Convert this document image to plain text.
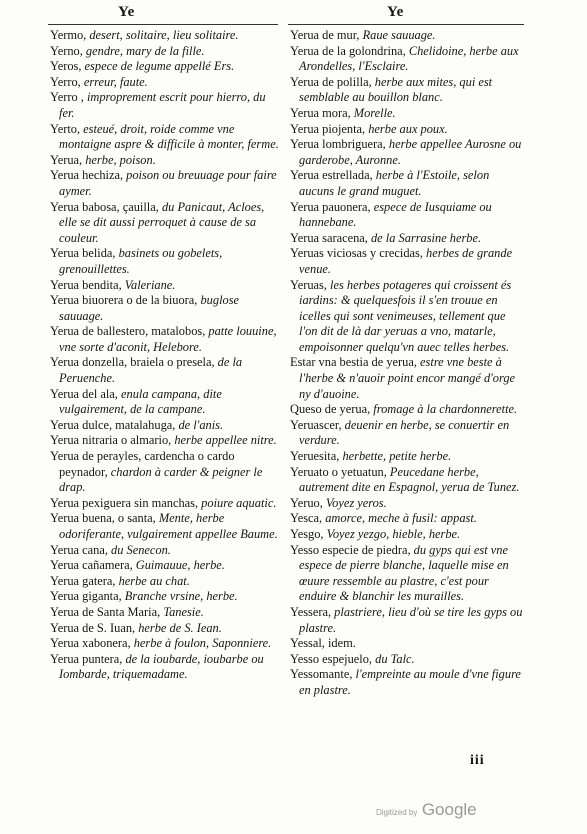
Ye	Ye

Yermo, desert, solitaire, lieu solitaire.

Yerno, gendre, mary de la fille.

Yeros, espece de legume appellé Ers.

Yerro, erreur, faute.

Yerro , improprement escrit pour hierro, du fer.

Yerto, esteué, droit, roide comme vne montaigne aspre & difficile à monter, ferme.

Yerua, herbe, poison.

Yerua hechiza, poison ou breuuage pour faire aymer.

Yerua babosa, çauilla, du Panicaut, Acloes, elle se dit aussi perroquet à cause de sa couleur.

Yerua belida, basinets ou gobelets, grenouillettes.

Yerua bendita, Valeriane.

Yerua biuorera o de la biuora, buglose sauuage.

Yerua de ballestero, matalobos, patte louuine, vne sorte d'aconit, Helebore.

Yerua donzella, braiela o presela, de la Peruenche.

Yerua del ala, enula campana, dite vulgairement, de la campane.

Yerua dulce, matalahuga, de l'anis.

Yerua nitraria o almario, herbe appellee nitre.

Yerua de perayles, cardencha o cardo peynador, chardon à carder & peigner le drap.

Yerua pexiguera sin manchas, poiure aquatic.

Yerua buena, o santa, Mente, herbe odoriferante, vulgairement appellee Baume.

Yerua cana, du Senecon.

Yerua cañamera, Guimauue, herbe.

Yerua gatera, herbe au chat.

Yerua giganta, Branche vrsine, herbe.

Yerua de Santa Maria, Tanesie.

Yerua de S. Iuan, herbe de S. Iean.

Yerua xabonera, herbe à foulon, Saponniere.

Yerua puntera, de la ioubarde, ioubarbe ou Iombarde, triquemadame.

Yerua de mur, Raue sauuage.

Yerua de la golondrina, Chelidoine, herbe aux Arondelles, l'Esclaire.

Yerua de polilla, herbe aux mites, qui est semblable au bouillon blanc.

Yerua mora, Morelle.

Yerua piojenta, herbe aux poux.

Yerua lombriguera, herbe appellee Aurosne ou garderobe, Auronne.

Yerua estrellada, herbe à l'Estoile, selon aucuns le grand muguet.

Yerua pauonera, espece de Iusquiame ou hannebane.

Yerua saracena, de la Sarrasine herbe.

Yeruas viciosas y crecidas, herbes de grande venue.

Yeruas, les herbes potageres qui croissent és iardins: & quelquesfois il s'en trouue en icelles qui sont venimeuses, tellement que l'on dit de là dar yeruas a vno, matarle, empoisonner quelqu'vn auec telles herbes.

Estar vna bestia de yerua, estre vne beste à l'herbe & n'auoir point encor mangé d'orge ny d'auoine.

Queso de yerua, fromage à la chardonnerette.

Yeruascer, deuenir en herbe, se conuertir en verdure.

Yeruesita, herbette, petite herbe.

Yeruato o yetuatun, Peucedane herbe, autrement dite en Espagnol, yerua de Tunez.

Yeruo, Voyez yeros.

Yesca, amorce, meche à fusil: appast.

Yesgo, Voyez yezgo, hieble, herbe.

Yesso especie de piedra, du gyps qui est vne espece de pierre blanche, laquelle mise en œuure ressemble au plastre, c'est pour enduire & blanchir les murailles.

Yessera, plastriere, lieu d'où se tire les gyps ou plastre.

Yessal, idem.

Yesso espejuelo, du Talc.

Yessomante, l'empreinte au moule d'vne figure en plastre.

iii
Digitized by Google
